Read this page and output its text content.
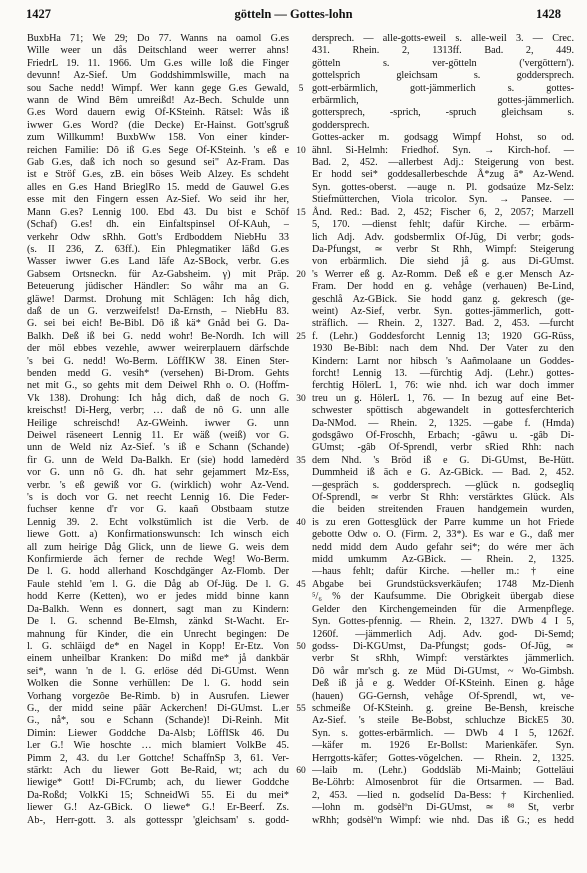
1427	götteln — Gottes-lohn	1428

BuxbHa 71; We 29; Do 77. Wanns na oamol G.es

Wille weer un dås Deitschland weer werrer ahns!

FriedrL 19. 11. 1966. Um G.es wille loß die Finger

devunn! Az-Sief. Um Goddshimmlswille, mach na

sou Sache nedd! Wimpf. Wer kann gege G.es Gewald,

wann de Wind Bêm umreißd! Az-Bech. Schulde unn

G.es Word dauern ewig Of-KSteinh. Rätsel: Wås iß

iwwer G.es Word? (die Decke) Er-Hainst. Gott'sgruß

zum Willkumm! BuxbWw 158. Von einer kinder-

reichen Familie: Dô iß G.es Sege Of-KSteinh. 's eß e

Gab G.es, daß ich noch so gesund sei" Az-Fram. Das

ist e Ströf G.es, zB. ein böses Weib Alzey. Es schdeht

alles en G.es Hand BrieglRo 15. medd de Gauwel G.es

esse mit den Fingern essen Az-Sief. Wo seid ihr her,

Mann G.es? Lennig 100. Ebd 43. Du bist e Schöf

(Schaf) G.es! dh. ein Einfaltspinsel Of-KAuh, –

verkehr Odw sRhh. Gott's Erdboddem NiebHu 33

(s. II 236, Z. 63ff.). Ein Phlegmatiker läßd G.es

Wasser iwwer G.es Land läfe Az-SBock, verbr. G.es

Gabsem Ortsneckn. für Az-Gabsheim. γ) mit Präp.

Beteuerung jüdischer Händler: So wåhr ma an G.

gläwe! Darmst. Drohung mit Schlägen: Ich håg dich,

daß de un G. verzweifelst! Da-Ernsth, – NiebHu 83.

G. sei bei eich! Be-Bibl. Dô iß kä* Gnåd bei G. Da-

Balkh. Deß iß bei G. nedd wohr! Be-Nordh. Ich will

der möl ebbes vezehle, awwer weirerplauern därfschde

's bei G. nedd! Wo-Berm. LöffIKW 38. Einen Ster-

benden medd G. vesih* (versehen) Bi-Drom. Gehts

net mit G., so gehts mit dem Deiwel Rhh o. O. (Hoffm-

Vk 138). Drohung: Ich håg dich, daß de noch G.

kreischst! Di-Herg, verbr; … daß de nô G. unn alle

Heilige schreischd! Az-GWeinh. iwwer G. unn

Deiwel räseneert Lennig 11. Er wäß (weiß) vor G.

unn de Weld niz Az-Sief. 's iß e Schann (Schande)

fir G. unn de Weld Da-Balkh. Er (sie) hodd lamedèrd

vor G. unn nô G. dh. hat sehr gejammert Mz-Ess,

verbr. 's eß gewiß vor G. (wirklich) wohr Az-Vend.

's is doch vor G. net reecht Lennig 16. Die Feder-

fuchser kenne d'r vor G. kaañ Obstbaam stutze

Lennig 39. 2. Echt volkstümlich ist die Verb. de

liewe Gott. a) Konfirmationswunsch: Ich winsch eich

all zum heirige Dåg Glick, unn de liewe G. weis dem

Konfirmierde äch ferner de rechde Weg! Wo-Berm.

De l. G. hodd allerhand Koschdgänger Az-Flomb. Der

Faule stehld 'em l. G. die Dåg ab Of-Jüg. De l. G.

hodd Kerre (Ketten), wo er jedes midd binne kann

Da-Balkh. Wenn es donnert, sagt man zu Kindern:

De l. G. schennd Be-Elmsh, zänkd St-Wacht. Er-

mahnung für Kinder, die ein Unrecht begingen: De

l. G. schläigd de* en Nagel in Kopp! Er-Etz. Von

einem unheilbar Kranken: Do mißd me* jå dankbär

sei*, wann 'n de l. G. erlöse déd Di-GUmst. Wenn

Wolken die Sonne verhüllen: De l. G. hodd sein

Vorhang vorgezôe Be-Rimb. b) in Ausrufen. Liewer

G., der midd seine pâär Ackerchen! Di-GUmst. L.er

G., nå*, sou e Schann (Schande)! Di-Reinh. Mit

Dimin: Liewer Goddche Da-Alsb; LöffISk 46. Du

l.er G.! Wie hoschte … mich blamiert VolkBe 45.

Pimm 2, 43. du l.er Gottche! SchaffnSp 3, 61. Ver-

stärkt: Ach du liewer Gott Be-Raid, wt; ach du

liewige* Gott! Di-FCrumb; ach, du liewer Goddche

Da-Roßd; VolkKi 15; SchneidWi 55. Ei du mei*

liewer G.! Az-GBick. O liewe* G.! Er-Beerf. Zs.

Ab-, Herr-gott. 3. als gottesspr 'gleichsam' s. godd-

5
10
15
20
25
30
35
40
45
50
55
60

dersprech. — alle-gotts-eweil s. alle-weil 3. — Crec.

431. Rhein. 2, 1313ff. Bad. 2, 449.

götteln s. ver-götteln ('vergöttern').

gottelsprich gleichsam s. goddersprech.

gott-erbärmlich, gott-jämmerlich s. gottes-

erbärmlich, gottes-jämmerlich.

gottersprech, -sprich, -spruch gleichsam s.

goddersprech.

Gottes-acker m. godsagg Wimpf Hohst, so od.

ähnl. Si-Helmh: Friedhof. Syn. → Kirch-hof. —

Bad. 2, 452. —allerbest Adj.: Steigerung von best.

Er hodd sei* goddesallerbeschde Å*zug ã* Az-Wend.

Syn. gottes-oberst. —auge n. Pl. godsaúze Mz-Selz:

Stiefmütterchen, Viola tricolor. Syn. → Pansee. —

Ånd. Red.: Bad. 2, 452; Fischer 6, 2, 2057; Marzell

5, 170. —dienst fehlt; dafür Kirche. — erbärm-

lich Adj. Adv. godsbermlix Of-Jüg, Di verbr; gods-

Da-Pfungst, ≃ verbr St Rhh, Wimpf: Steigerung

von erbärmlich. Die siehd jå g. aus Di-GUmst.

's Werrer eß g. Az-Romm. Deß eß e g.er Mensch Az-

Fram. Der hodd en g. vehåge (verhauen) Be-Lind,

geschlå Az-GBick. Sie hodd ganz g. gekresch (ge-

weint) Az-Sief, verbr. Syn. gottes-jämmerlich, gott-

sträflich. — Rhein. 2, 1327. Bad. 2, 453. —furcht

f. (Lehr.) Goddesforcht Lennig 13; 1920 GG-Rüss,

1930 Be-Bibl: nach dem Nhd. Der Vater zu den

Kindern: Larnt nor hibsch 's Aañmolaane un Goddes-

forcht! Lennig 13. —fürchtig Adj. (Lehr.) gottes-

ferchtig HölerL 1, 76: wie nhd. ich war doch immer

treu un g. HölerL 1, 76. — In bezug auf eine Bet-

schwester spöttisch abgewandelt in gottesferchterich

Da-NMod. — Rhein. 2, 1325. —gabe f. (Hmda)

godsgâwo Of-Froschh, Erbach; -gâwu u. -gâb Di-

GUmst; -gâb Of-Sprendl, verbr sRied Rhh: nach

dem Nhd. 's Bröd iß e G. Di-GUmst, Be-Hütt.

Dummheid iß äch e G. Az-GBick. — Bad. 2, 452.

—gespräch s. goddersprech. —glück n. godsegliq

Of-Sprendl, ≃ verbr St Rhh: verstärktes Glück. Als

die beiden streitenden Frauen handgemein wurden,

is zu eren Gottesglück der Parre kumme un hot Friede

gebotte Odw o. O. (Firm. 2, 33*). Es war e G., daß mer

nedd midd dem Audo gefahr sei*; do wére mer äch

midd umkumm Az-GBick. — Rhein. 2, 1325.

—haus fehlt; dafür Kirche. —heller m.: † eine

Abgabe bei Grundstücksverkäufen; 1748 Mz-Dienh

⁵/₆ % der Kaufsumme. Die Obrigkeit übergab diese

Gelder den Kirchengemeinden für die Armenpflege.

Syn. Gottes-pfennig. — Rhein. 2, 1327. DWb 4 I 5,

1260f. —jämmerlich Adj. Adv. god- Di-Semd;

godss- Di-KGUmst, Da-Pfungst; gods- Of-Jüg, ≃

verbr St sRhh, Wimpf: verstärktes jämmerlich.

Dô wår mr'sch g. ze Müd Di-GUmst, ~ Wo-Gimbsh.

Deß iß jå e g. Wedder Of-KSteinh. Einen g. håge

(hauen) GG-Gernsh, vehåge Of-Sprendl, wt, ve-

schmeiße Of-KSteinh. g. greine Be-Bensh, kreische

Az-Sief. 's steile Be-Bobst, schluchze BickE5 30.

Syn. s. gottes-erbärmlich. — DWb 4 I 5, 1262f.

—käfer m. 1926 Er-Bollst: Marienkäfer. Syn.

Herrgotts-käfer; Gottes-vögelchen. — Rhein. 2, 1325.

—laib m. (Lehr.) Goddsläb Mi-Mainb; Gotteläui

Be-Löhrb: Almosenbrot für die Ortsarmen. — Bad.

2, 453. —lied n. godselíd Da-Bess: † Kirchenlied.

—lohn m. godsèlºn Di-GUmst, ≃ ⁸⁸ St, verbr

wRhh; godsèlºn Wimpf: wie nhd. Das iß G.; es hedd
